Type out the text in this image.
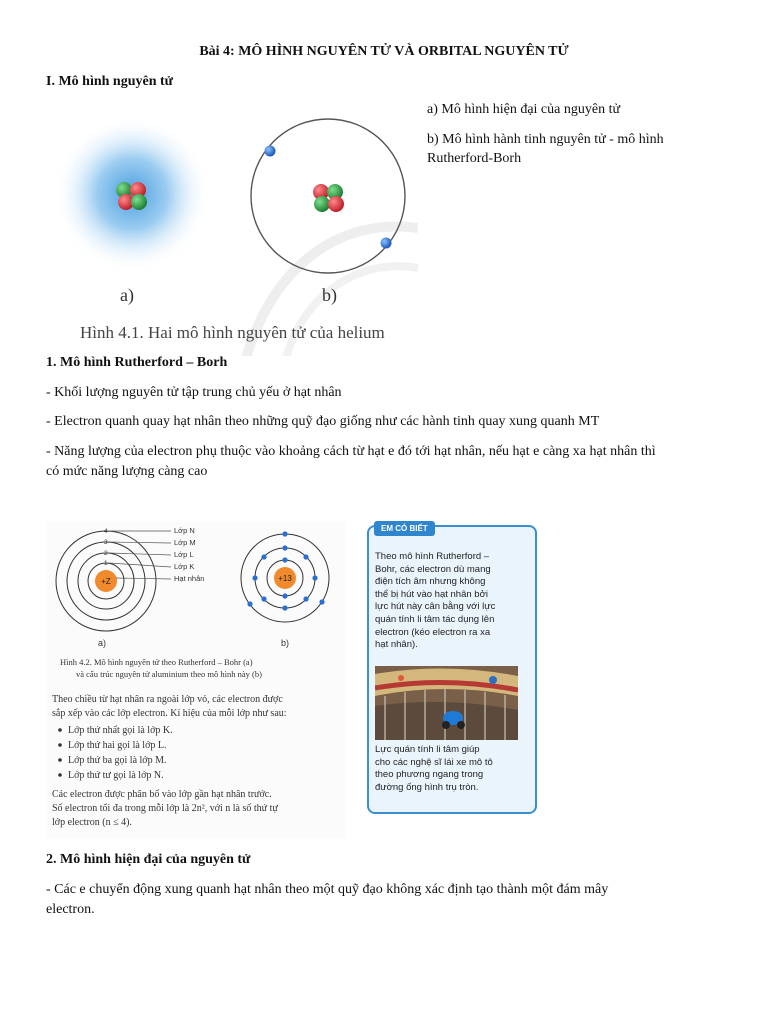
Bài 4: MÔ HÌNH NGUYÊN TỬ VÀ ORBITAL NGUYÊN TỬ
I. Mô hình nguyên tử
a) Mô hình hiện đại của nguyên tử
b) Mô hình hành tinh nguyên tử - mô hình
Rutherford-Borh
a)	b)
Hình 4.1. Hai mô hình nguyên tử của helium
1. Mô hình Rutherford – Borh
- Khối lượng nguyên tử tập trung chủ yếu ở hạt nhân
- Electron quanh quay hạt nhân theo những quỹ đạo giống như các hành tinh quay xung quanh MT
- Năng lượng của electron phụ thuộc vào khoảng cách từ hạt e đó tới hạt nhân, nếu hạt e càng xa hạt nhân thì
có mức năng lượng càng cao
+Z
4
3
2
1
Lớp N
Lớp M
Lớp L
Lớp K
Hạt nhân	+13
a)	b)
Hình 4.2. Mô hình nguyên tử theo Rutherford – Bohr (a)
và cấu trúc nguyên tử aluminium theo mô hình này (b)
Theo chiều từ hạt nhân ra ngoài lớp vỏ, các electron được
sắp xếp vào các lớp electron. Kí hiệu của mỗi lớp như sau:
Lớp thứ nhất gọi là lớp K.
Lớp thứ hai gọi là lớp L.
Lớp thứ ba gọi là lớp M.
Lớp thứ tư gọi là lớp N.
Các electron được phân bố vào lớp gần hạt nhân trước.
Số electron tối đa trong mỗi lớp là 2n², với n là số thứ tự
lớp electron (n ≤ 4).
EM CÓ BIẾT
Theo mô hình Rutherford –
Bohr, các electron dù mang
điện tích âm nhưng không
thể bị hút vào hạt nhân bởi
lực hút này cân bằng với lực
quán tính li tâm tác dụng lên
electron (kéo electron ra xa
hạt nhân).
Lực quán tính li tâm giúp
cho các nghệ sĩ lái xe mô tô
theo phương ngang trong
đường ống hình trụ tròn.
2. Mô hình hiện đại của nguyên tử
- Các e chuyển động xung quanh hạt nhân theo một quỹ đạo không xác định tạo thành một đám mây
electron.
